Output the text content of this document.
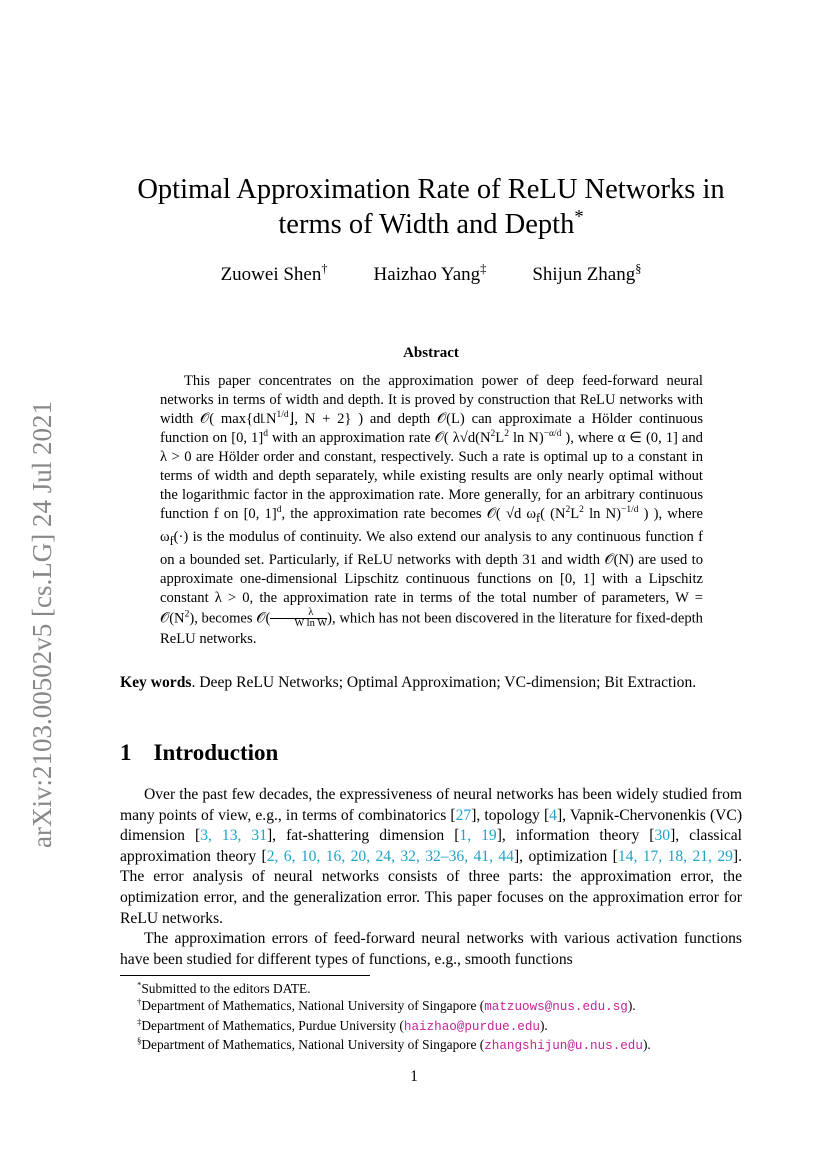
arXiv:2103.00502v5 [cs.LG] 24 Jul 2021
Optimal Approximation Rate of ReLU Networks in
terms of Width and Depth*
Zuowei Shen† Haizhao Yang‡ Shijun Zhang§
Abstract
This paper concentrates on the approximation power of deep feed-forward neural networks in terms of width and depth. It is proved by construction that ReLU networks with width 𝒪( $\max\{d⌊N^{1/d}⌋$, N + 2} ) and depth 𝒪(L) can approximate a Hölder continuous function on [0, 1]$^d$ with an approximation rate 𝒪( $\lambda√d(N^2L^2$ ln N)$^{-\alpha/d}$ ), where α ∈ (0, 1] and λ > 0 are Hölder order and constant, respectively. Such a rate is optimal up to a constant in terms of width and depth separately, while existing results are only nearly optimal without the logarithmic factor in the approximation rate. More generally, for an arbitrary continuous function f on [0, 1]$^d$, the approximation rate becomes 𝒪( √d $\omega_f$( ($N^2L^2$ ln N)$^{-1/d}$ ) ), where $\omega_f(\cdot)$ is the modulus of continuity. We also extend our analysis to any continuous function f on a bounded set. Particularly, if ReLU networks with depth 31 and width 𝒪(N) are used to approximate one-dimensional Lipschitz continuous functions on [0, 1] with a Lipschitz constant λ > 0, the approximation rate in terms of the total number of parameters, $W = 𝒪(N^2)$, becomes 𝒪( $\frac{\lambda}{\text{W ln W}}$ ), which has not been discovered in the literature for fixed-depth ReLU networks.
Key words. Deep ReLU Networks; Optimal Approximation; VC-dimension; Bit Extraction.
1 Introduction

Over the past few decades, the expressiveness of neural networks has been widely studied from many points of view, e.g., in terms of combinatorics [27], topology [4], Vapnik-Chervonenkis (VC) dimension [3, 13, 31], fat-shattering dimension [1, 19], information theory [30], classical approximation theory [2, 6, 10, 16, 20, 24, 32, 32–36, 41, 44], optimization [14, 17, 18, 21, 29]. The error analysis of neural networks consists of three parts: the approximation error, the optimization error, and the generalization error. This paper focuses on the approximation error for ReLU networks.

The approximation errors of feed-forward neural networks with various activation functions have been studied for different types of functions, e.g., smooth functions

*Submitted to the editors DATE.
†Department of Mathematics, National University of Singapore (matzuows@nus.edu.sg).
‡Department of Mathematics, Purdue University (haizhao@purdue.edu).
§Department of Mathematics, National University of Singapore (zhangshijun@u.nus.edu).
1
